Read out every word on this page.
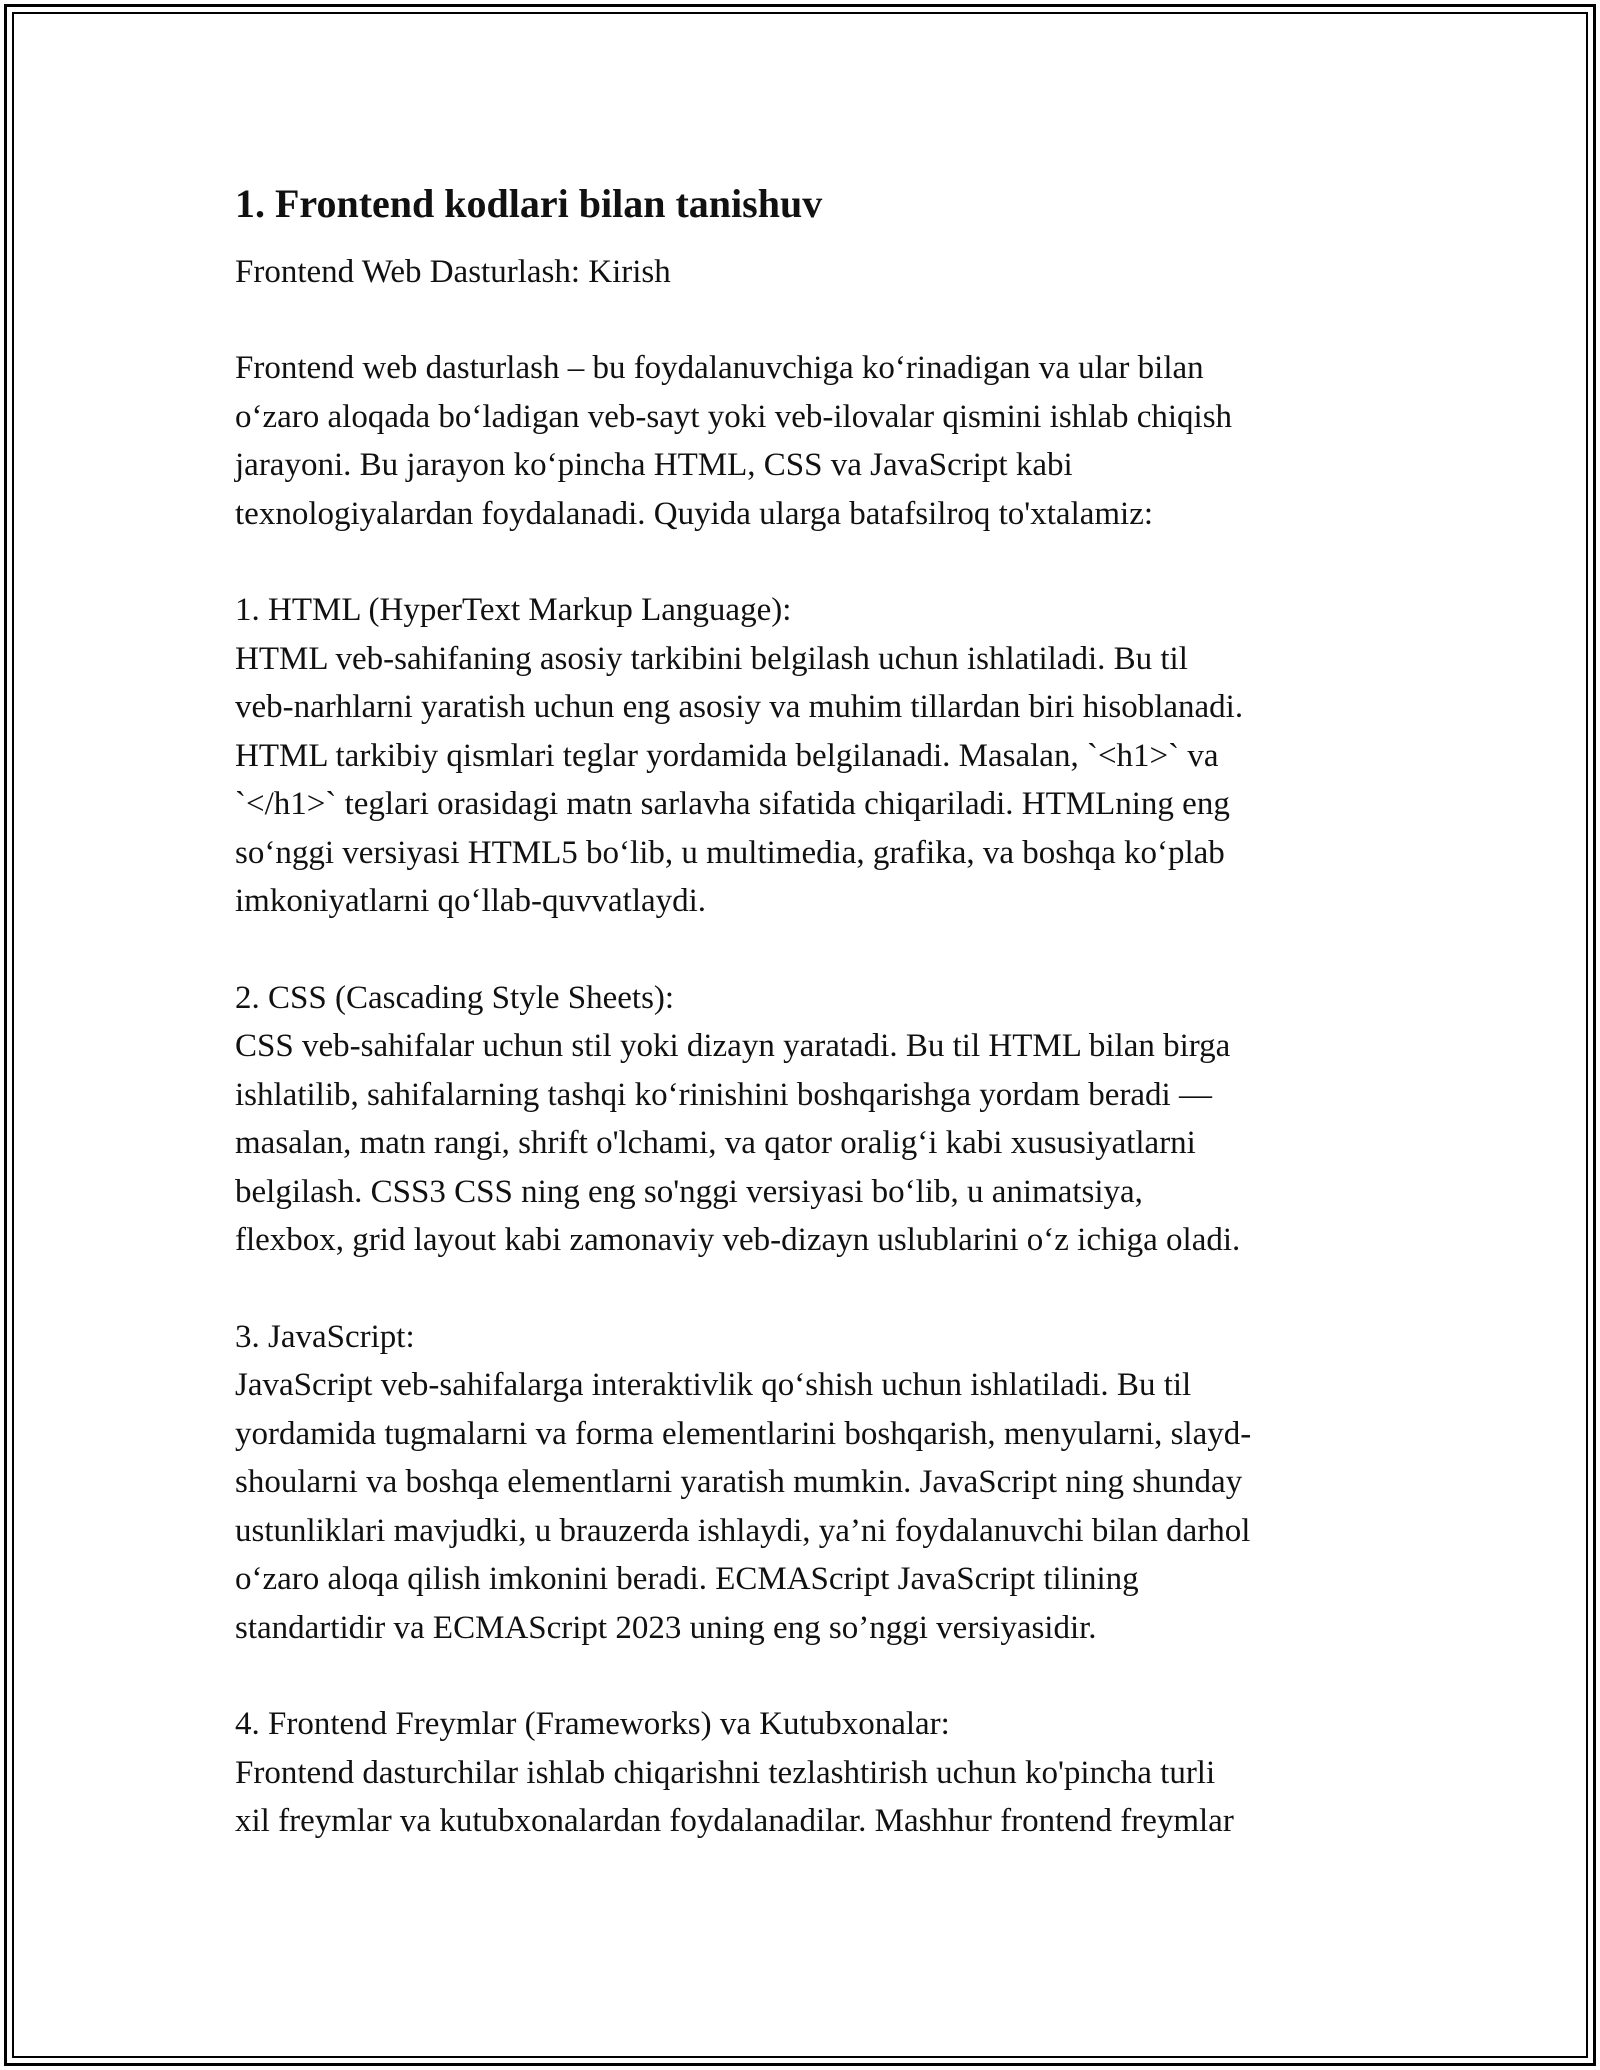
1. Frontend kodlari bilan tanishuv
Frontend Web Dasturlash: Kirish
Frontend web dasturlash – bu foydalanuvchiga ko‘rinadigan va ular bilan
o‘zaro aloqada bo‘ladigan veb-sayt yoki veb-ilovalar qismini ishlab chiqish
jarayoni. Bu jarayon ko‘pincha HTML, CSS va JavaScript kabi
texnologiyalardan foydalanadi. Quyida ularga batafsilroq to'xtalamiz:
1. HTML (HyperText Markup Language):
HTML veb-sahifaning asosiy tarkibini belgilash uchun ishlatiladi. Bu til
veb-narhlarni yaratish uchun eng asosiy va muhim tillardan biri hisoblanadi.
HTML tarkibiy qismlari teglar yordamida belgilanadi. Masalan, `<h1>` va
`</h1>` teglari orasidagi matn sarlavha sifatida chiqariladi. HTMLning eng
so‘nggi versiyasi HTML5 bo‘lib, u multimedia, grafika, va boshqa ko‘plab
imkoniyatlarni qo‘llab-quvvatlaydi.
2. CSS (Cascading Style Sheets):
CSS veb-sahifalar uchun stil yoki dizayn yaratadi. Bu til HTML bilan birga
ishlatilib, sahifalarning tashqi ko‘rinishini boshqarishga yordam beradi —
masalan, matn rangi, shrift o'lchami, va qator oralig‘i kabi xususiyatlarni
belgilash. CSS3 CSS ning eng so'nggi versiyasi bo‘lib, u animatsiya,
flexbox, grid layout kabi zamonaviy veb-dizayn uslublarini o‘z ichiga oladi.
3. JavaScript:
JavaScript veb-sahifalarga interaktivlik qo‘shish uchun ishlatiladi. Bu til
yordamida tugmalarni va forma elementlarini boshqarish, menyularni, slayd-
shoularni va boshqa elementlarni yaratish mumkin. JavaScript ning shunday
ustunliklari mavjudki, u brauzerda ishlaydi, ya’ni foydalanuvchi bilan darhol
o‘zaro aloqa qilish imkonini beradi. ECMAScript JavaScript tilining
standartidir va ECMAScript 2023 uning eng so’nggi versiyasidir.
4. Frontend Freymlar (Frameworks) va Kutubxonalar:
Frontend dasturchilar ishlab chiqarishni tezlashtirish uchun ko'pincha turli
xil freymlar va kutubxonalardan foydalanadilar. Mashhur frontend freymlar
